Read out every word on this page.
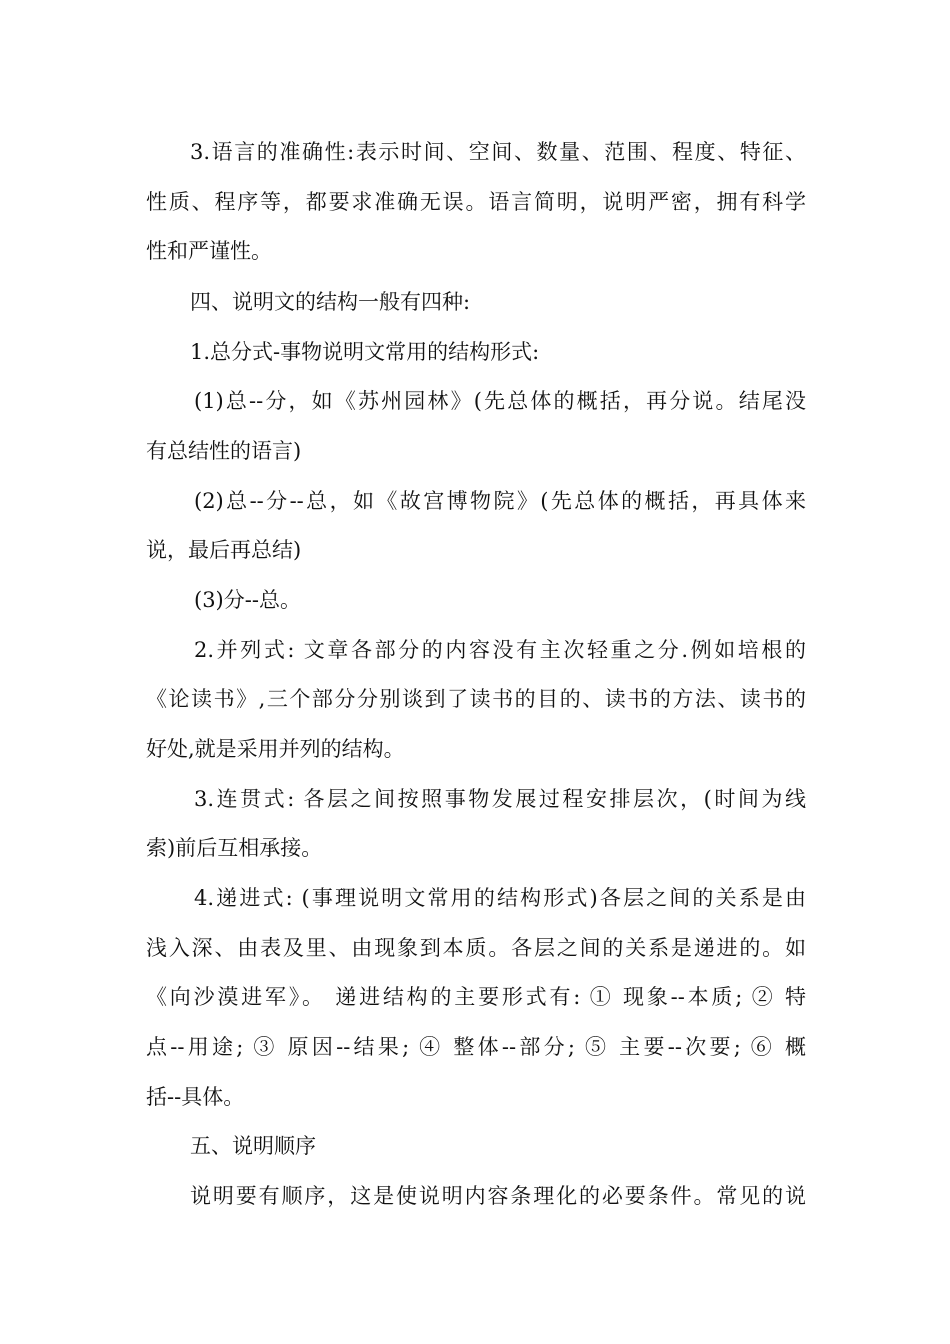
3.语言的准确性:表示时间、空间、数量、范围、程度、特征、
性质、程序等，都要求准确无误。语言简明，说明严密，拥有科学
性和严谨性。
四、说明文的结构一般有四种:
1.总分式-事物说明文常用的结构形式:
(1)总--分，如《苏州园林》(先总体的概括，再分说。结尾没
有总结性的语言)
(2)总--分--总，如《故宫博物院》(先总体的概括，再具体来
说，最后再总结)
(3)分--总。
2.并列式: 文章各部分的内容没有主次轻重之分.例如培根的
《论读书》,三个部分分别谈到了读书的目的、读书的方法、读书的
好处,就是采用并列的结构。
3.连贯式: 各层之间按照事物发展过程安排层次，(时间为线
索)前后互相承接。
4.递进式: (事理说明文常用的结构形式)各层之间的关系是由
浅入深、由表及里、由现象到本质。各层之间的关系是递进的。如
《向沙漠进军》。 递进结构的主要形式有: ① 现象--本质; ② 特
点--用途; ③ 原因--结果; ④ 整体--部分; ⑤ 主要--次要; ⑥ 概
括--具体。
五、说明顺序
说明要有顺序，这是使说明内容条理化的必要条件。常见的说
